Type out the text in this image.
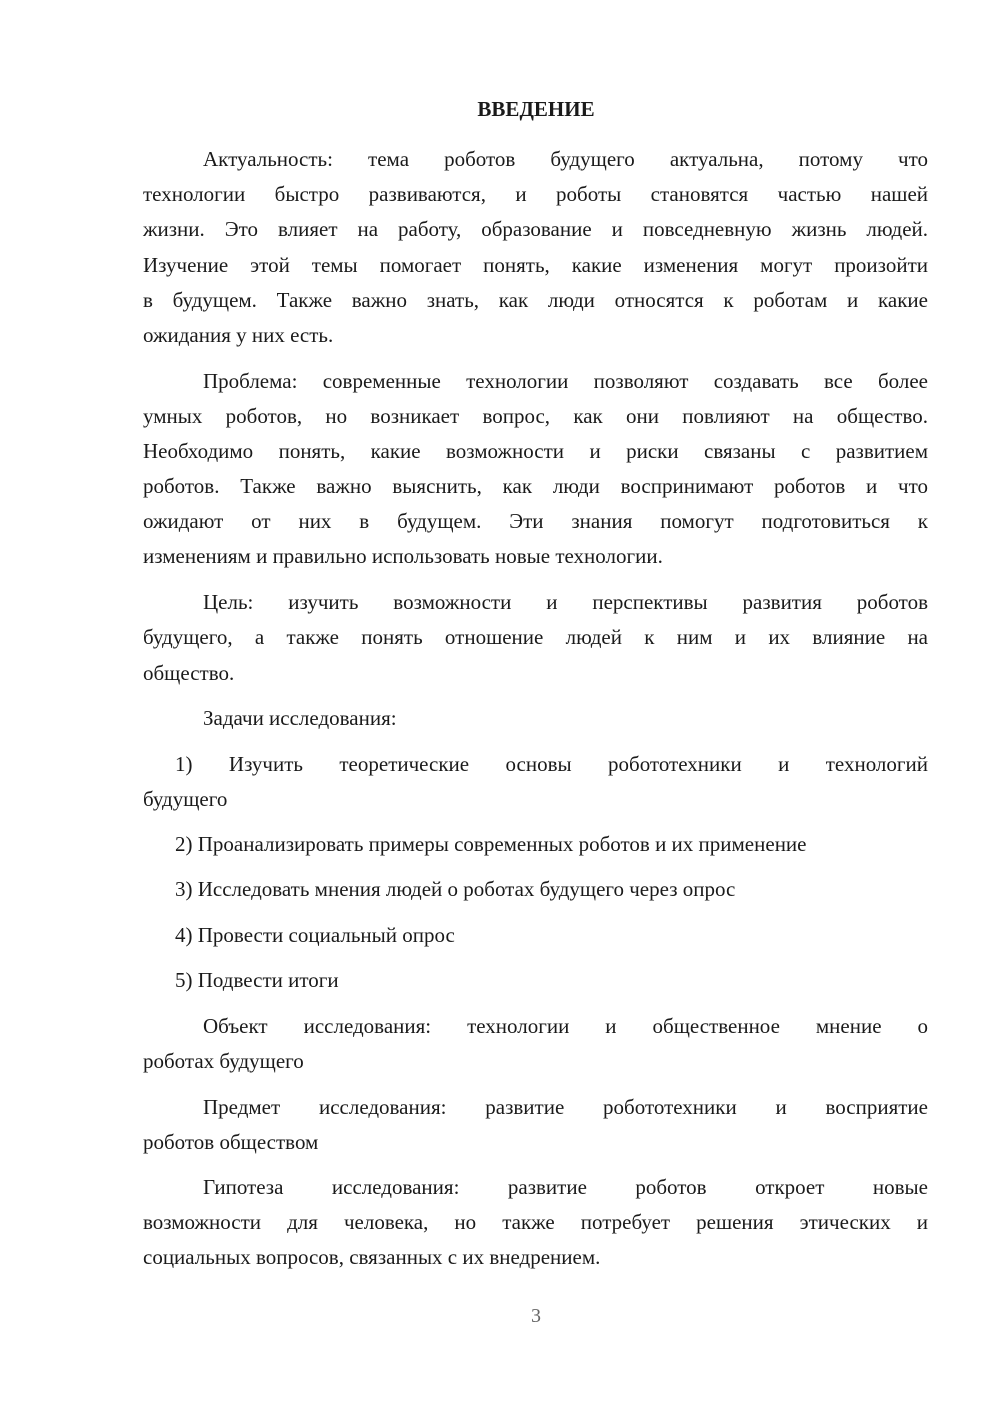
ВВЕДЕНИЕ
Актуальность: тема роботов будущего актуальна, потому что
технологии быстро развиваются, и роботы становятся частью нашей
жизни. Это влияет на работу, образование и повседневную жизнь людей.
Изучение этой темы помогает понять, какие изменения могут произойти
в будущем. Также важно знать, как люди относятся к роботам и какие
ожидания у них есть.
Проблема: современные технологии позволяют создавать все более
умных роботов, но возникает вопрос, как они повлияют на общество.
Необходимо понять, какие возможности и риски связаны с развитием
роботов. Также важно выяснить, как люди воспринимают роботов и что
ожидают от них в будущем. Эти знания помогут подготовиться к
изменениям и правильно использовать новые технологии.
Цель: изучить возможности и перспективы развития роботов
будущего, а также понять отношение людей к ним и их влияние на
общество.
Задачи исследования:
1) Изучить теоретические основы робототехники и технологий
будущего
2) Проанализировать примеры современных роботов и их применение
3) Исследовать мнения людей о роботах будущего через опрос
4) Провести социальный опрос
5) Подвести итоги
Объект исследования: технологии и общественное мнение о
роботах будущего
Предмет исследования: развитие робототехники и восприятие
роботов обществом
Гипотеза исследования: развитие роботов откроет новые
возможности для человека, но также потребует решения этических и
социальных вопросов, связанных с их внедрением.
3
